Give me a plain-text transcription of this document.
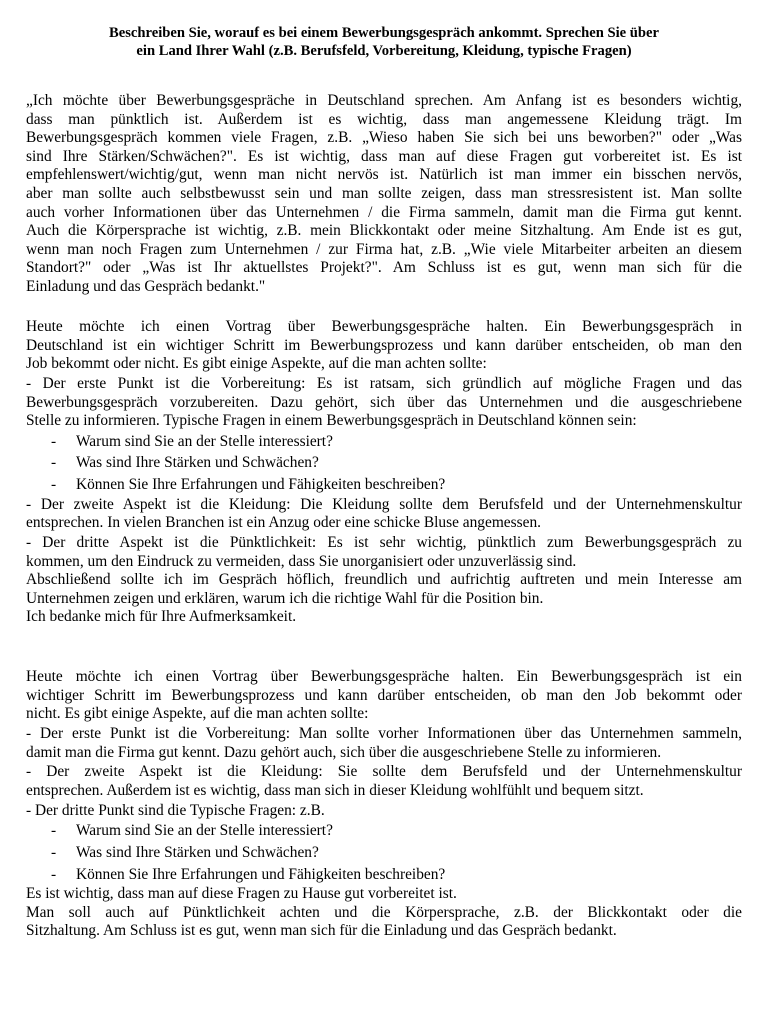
Beschreiben Sie, worauf es bei einem Bewerbungsgespräch ankommt. Sprechen Sie über
ein Land Ihrer Wahl (z.B. Berufsfeld, Vorbereitung, Kleidung, typische Fragen)

„Ich möchte über Bewerbungsgespräche in Deutschland sprechen. Am Anfang ist es besonders wichtig,

dass man pünktlich ist. Außerdem ist es wichtig, dass man angemessene Kleidung trägt. Im

Bewerbungsgespräch kommen viele Fragen, z.B. „Wieso haben Sie sich bei uns beworben?" oder „Was

sind Ihre Stärken/Schwächen?". Es ist wichtig, dass man auf diese Fragen gut vorbereitet ist. Es ist

empfehlenswert/wichtig/gut, wenn man nicht nervös ist. Natürlich ist man immer ein bisschen nervös,

aber man sollte auch selbstbewusst sein und man sollte zeigen, dass man stressresistent ist. Man sollte

auch vorher Informationen über das Unternehmen / die Firma sammeln, damit man die Firma gut kennt.

Auch die Körpersprache ist wichtig, z.B. mein Blickkontakt oder meine Sitzhaltung. Am Ende ist es gut,

wenn man noch Fragen zum Unternehmen / zur Firma hat, z.B. „Wie viele Mitarbeiter arbeiten an diesem

Standort?" oder „Was ist Ihr aktuellstes Projekt?". Am Schluss ist es gut, wenn man sich für die

Einladung und das Gespräch bedankt."

Heute möchte ich einen Vortrag über Bewerbungsgespräche halten. Ein Bewerbungsgespräch in

Deutschland ist ein wichtiger Schritt im Bewerbungsprozess und kann darüber entscheiden, ob man den

Job bekommt oder nicht. Es gibt einige Aspekte, auf die man achten sollte:

- Der erste Punkt ist die Vorbereitung: Es ist ratsam, sich gründlich auf mögliche Fragen und das

Bewerbungsgespräch vorzubereiten. Dazu gehört, sich über das Unternehmen und die ausgeschriebene

Stelle zu informieren. Typische Fragen in einem Bewerbungsgespräch in Deutschland können sein:

- Warum sind Sie an der Stelle interessiert?
- Was sind Ihre Stärken und Schwächen?
- Können Sie Ihre Erfahrungen und Fähigkeiten beschreiben?

- Der zweite Aspekt ist die Kleidung: Die Kleidung sollte dem Berufsfeld und der Unternehmenskultur

entsprechen. In vielen Branchen ist ein Anzug oder eine schicke Bluse angemessen.

- Der dritte Aspekt ist die Pünktlichkeit: Es ist sehr wichtig, pünktlich zum Bewerbungsgespräch zu

kommen, um den Eindruck zu vermeiden, dass Sie unorganisiert oder unzuverlässig sind.

Abschließend sollte ich im Gespräch höflich, freundlich und aufrichtig auftreten und mein Interesse am

Unternehmen zeigen und erklären, warum ich die richtige Wahl für die Position bin.

Ich bedanke mich für Ihre Aufmerksamkeit.

Heute möchte ich einen Vortrag über Bewerbungsgespräche halten. Ein Bewerbungsgespräch ist ein

wichtiger Schritt im Bewerbungsprozess und kann darüber entscheiden, ob man den Job bekommt oder

nicht. Es gibt einige Aspekte, auf die man achten sollte:

- Der erste Punkt ist die Vorbereitung: Man sollte vorher Informationen über das Unternehmen sammeln,

damit man die Firma gut kennt. Dazu gehört auch, sich über die ausgeschriebene Stelle zu informieren.

- Der zweite Aspekt ist die Kleidung: Sie sollte dem Berufsfeld und der Unternehmenskultur

entsprechen. Außerdem ist es wichtig, dass man sich in dieser Kleidung wohlfühlt und bequem sitzt.

- Der dritte Punkt sind die Typische Fragen: z.B.

- Warum sind Sie an der Stelle interessiert?
- Was sind Ihre Stärken und Schwächen?
- Können Sie Ihre Erfahrungen und Fähigkeiten beschreiben?

Es ist wichtig, dass man auf diese Fragen zu Hause gut vorbereitet ist.

Man soll auch auf Pünktlichkeit achten und die Körpersprache, z.B. der Blickkontakt oder die

Sitzhaltung. Am Schluss ist es gut, wenn man sich für die Einladung und das Gespräch bedankt.
